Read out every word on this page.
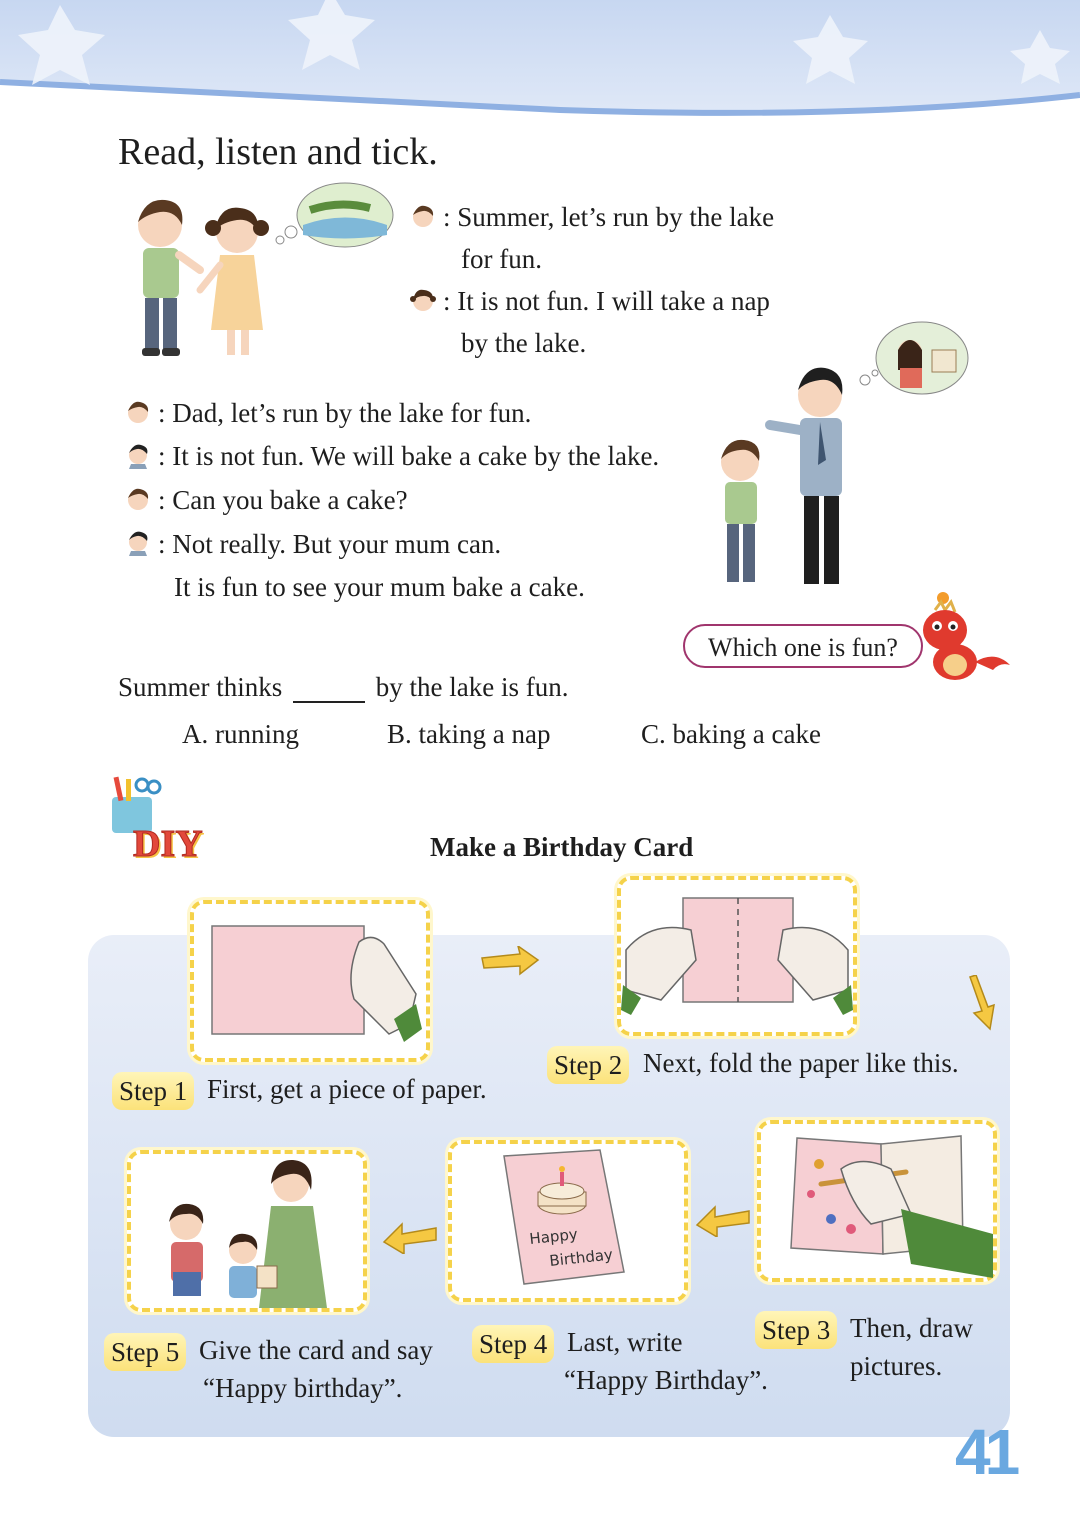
Read, listen and tick.
: Summer, let’s run by the lake
for fun.
: It is not fun. I will take a nap
by the lake.
: Dad, let’s run by the lake for fun.
: It is not fun. We will bake a cake by the lake.
: Can you bake a cake?
: Not really. But your mum can.
It is fun to see your mum bake a cake.
Which one is fun?
Summer thinks	by the lake is fun.
A. running	B. taking a nap	C. baking a cake
DIY	Make a Birthday Card
Step 1 First, get a piece of paper.
Step 2 Next, fold the paper like this.
Happy
Birthday
Step 3 Then, draw
pictures.
Step 4 Last, write
“Happy Birthday”.
Step 5 Give the card and say
“Happy birthday”.
41
